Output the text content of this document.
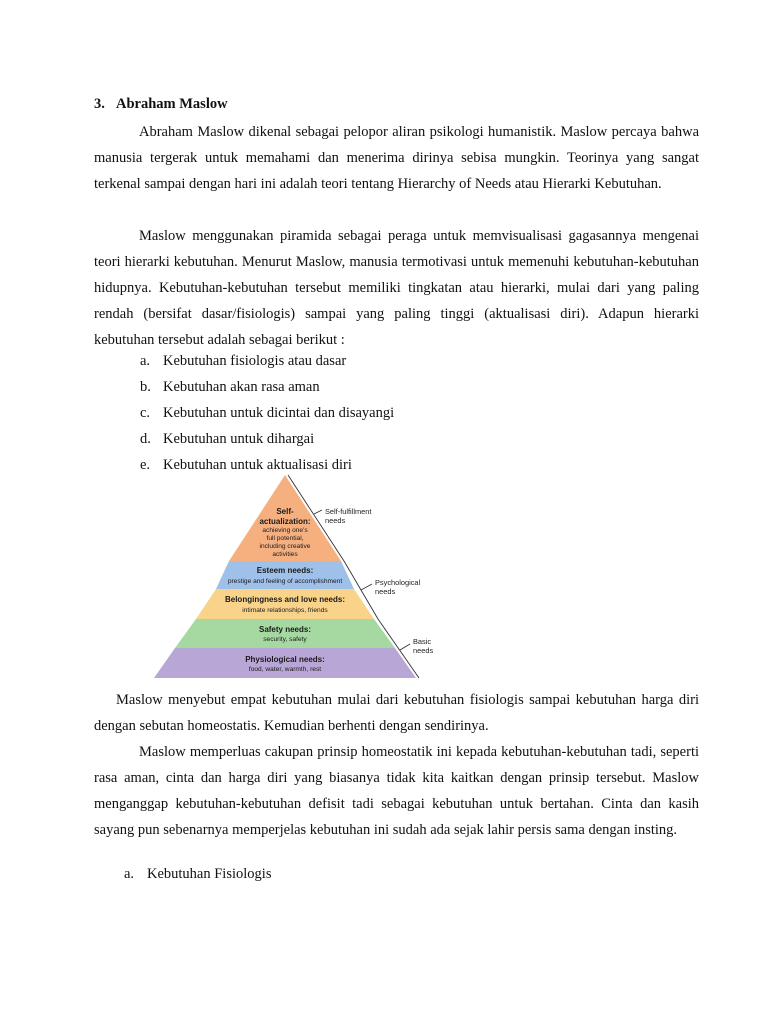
3. Abraham Maslow

Abraham Maslow dikenal sebagai pelopor aliran psikologi humanistik. Maslow percaya bahwa manusia tergerak untuk memahami dan menerima dirinya sebisa mungkin. Teorinya yang sangat terkenal sampai dengan hari ini adalah teori tentang Hierarchy of Needs atau Hierarki Kebutuhan.

Maslow menggunakan piramida sebagai peraga untuk memvisualisasi gagasannya mengenai teori hierarki kebutuhan. Menurut Maslow, manusia termotivasi untuk memenuhi kebutuhan-kebutuhan hidupnya. Kebutuhan-kebutuhan tersebut memiliki tingkatan atau hierarki, mulai dari yang paling rendah (bersifat dasar/fisiologis) sampai yang paling tinggi (aktualisasi diri). Adapun hierarki kebutuhan tersebut adalah sebagai berikut :

a. Kebutuhan fisiologis atau dasar
b. Kebutuhan akan rasa aman
c. Kebutuhan untuk dicintai dan disayangi
d. Kebutuhan untuk dihargai
e. Kebutuhan untuk aktualisasi diri
Self-
actualization:
achieving one's
full potential,
including creative
activities
Esteem needs:
prestige and feeling of accomplishment
Belongingness and love needs:
intimate relationships, friends
Safety needs:
security, safety
Physiological needs:
food, water, warmth, rest
Self-fulfillment
needs
Psychological
needs
Basic
needs

Maslow menyebut empat kebutuhan mulai dari kebutuhan fisiologis sampai kebutuhan harga diri dengan sebutan homeostatis. Kemudian berhenti dengan sendirinya.

Maslow memperluas cakupan prinsip homeostatik ini kepada kebutuhan-kebutuhan tadi, seperti rasa aman, cinta dan harga diri yang biasanya tidak kita kaitkan dengan prinsip tersebut. Maslow menganggap kebutuhan-kebutuhan defisit tadi sebagai kebutuhan untuk bertahan. Cinta dan kasih sayang pun sebenarnya memperjelas kebutuhan ini sudah ada sejak lahir persis sama dengan insting.

a. Kebutuhan Fisiologis
